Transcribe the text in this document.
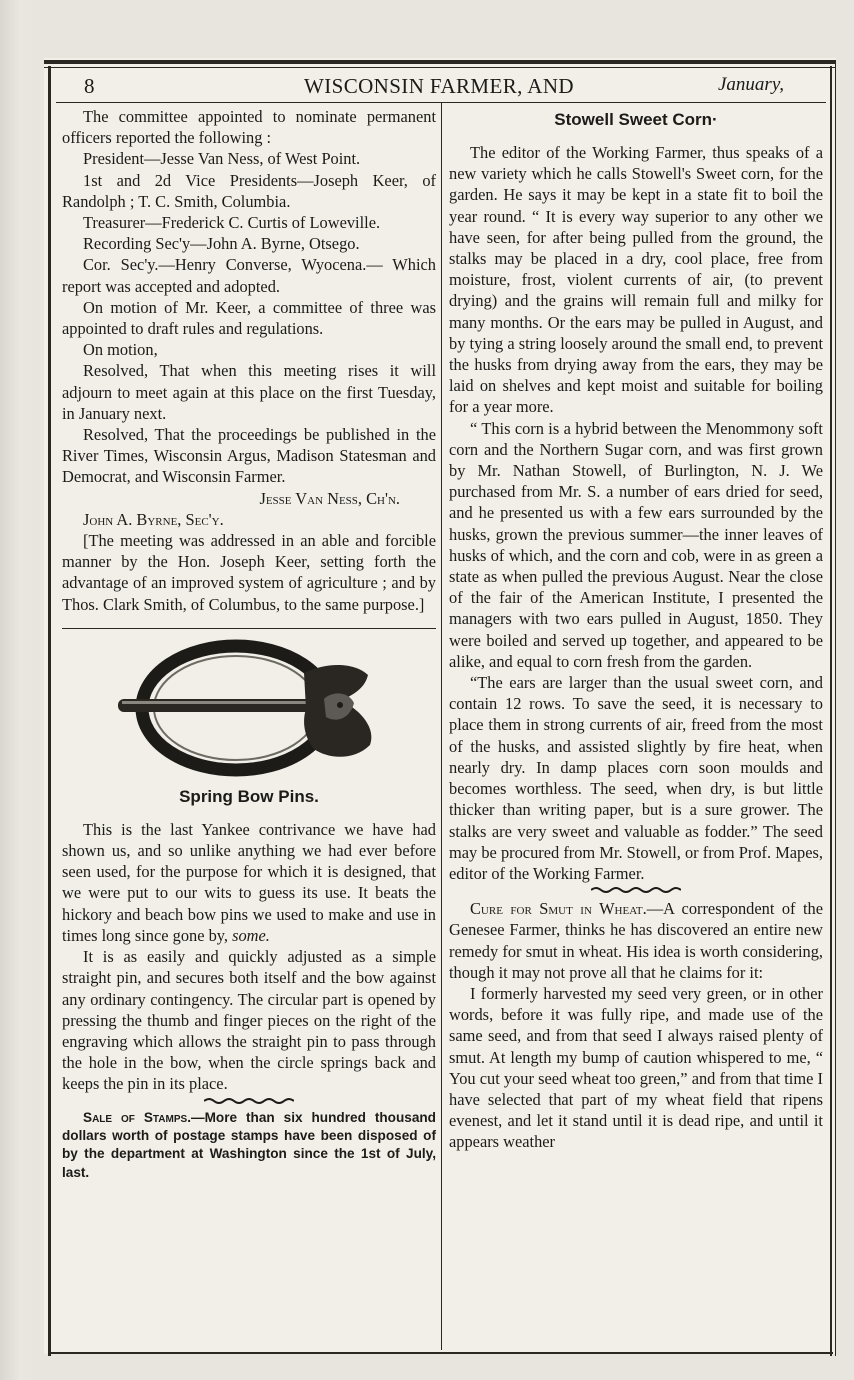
8	WISCONSIN FARMER, AND	January,

The committee appointed to nominate permanent officers reported the following :

President—Jesse Van Ness, of West Point.

1st and 2d Vice Presidents—Joseph Keer, of Randolph ; T. C. Smith, Columbia.

Treasurer—Frederick C. Curtis of Loweville.

Recording Sec'y—John A. Byrne, Otsego.

Cor. Sec'y.—Henry Converse, Wyocena.— Which report was accepted and adopted.

On motion of Mr. Keer, a committee of three was appointed to draft rules and regulations.

On motion,

Resolved, That when this meeting rises it will adjourn to meet again at this place on the first Tuesday, in January next.

Resolved, That the proceedings be published in the River Times, Wisconsin Argus, Madison Statesman and Democrat, and Wisconsin Farmer.

Jesse Van Ness, Ch'n.

John A. Byrne, Sec'y.

[The meeting was addressed in an able and forcible manner by the Hon. Joseph Keer, setting forth the advantage of an improved system of agriculture ; and by Thos. Clark Smith, of Columbus, to the same purpose.]

Spring Bow Pins.

This is the last Yankee contrivance we have had shown us, and so unlike anything we had ever before seen used, for the purpose for which it is designed, that we were put to our wits to guess its use. It beats the hickory and beach bow pins we used to make and use in times long since gone by, some.

It is as easily and quickly adjusted as a simple straight pin, and secures both itself and the bow against any ordinary contingency. The circular part is opened by pressing the thumb and finger pieces on the right of the engraving which allows the straight pin to pass through the hole in the bow, when the circle springs back and keeps the pin in its place.

Sale of Stamps.—More than six hundred thousand dollars worth of postage stamps have been disposed of by the department at Washington since the 1st of July, last.

Stowell Sweet Corn·

The editor of the Working Farmer, thus speaks of a new variety which he calls Stowell's Sweet corn, for the garden. He says it may be kept in a state fit to boil the year round. “ It is every way superior to any other we have seen, for after being pulled from the ground, the stalks may be placed in a dry, cool place, free from moisture, frost, violent currents of air, (to prevent drying) and the grains will remain full and milky for many months. Or the ears may be pulled in August, and by tying a string loosely around the small end, to prevent the husks from drying away from the ears, they may be laid on shelves and kept moist and suitable for boiling for a year more.

“ This corn is a hybrid between the Menommony soft corn and the Northern Sugar corn, and was first grown by Mr. Nathan Stowell, of Burlington, N. J. We purchased from Mr. S. a number of ears dried for seed, and he presented us with a few ears surrounded by the husks, grown the previous summer—the inner leaves of husks of which, and the corn and cob, were in as green a state as when pulled the previous August. Near the close of the fair of the American Institute, I presented the managers with two ears pulled in August, 1850. They were boiled and served up together, and appeared to be alike, and equal to corn fresh from the garden.

“The ears are larger than the usual sweet corn, and contain 12 rows. To save the seed, it is necessary to place them in strong currents of air, freed from the most of the husks, and assisted slightly by fire heat, when nearly dry. In damp places corn soon moulds and becomes worthless. The seed, when dry, is but little thicker than writing paper, but is a sure grower. The stalks are very sweet and valuable as fodder.” The seed may be procured from Mr. Stowell, or from Prof. Mapes, editor of the Working Farmer.

Cure for Smut in Wheat.—A correspondent of the Genesee Farmer, thinks he has discovered an entire new remedy for smut in wheat. His idea is worth considering, though it may not prove all that he claims for it:

I formerly harvested my seed very green, or in other words, before it was fully ripe, and made use of the same seed, and from that seed I always raised plenty of smut. At length my bump of caution whispered to me, “ You cut your seed wheat too green,” and from that time I have selected that part of my wheat field that ripens evenest, and let it stand until it is dead ripe, and until it appears weather
